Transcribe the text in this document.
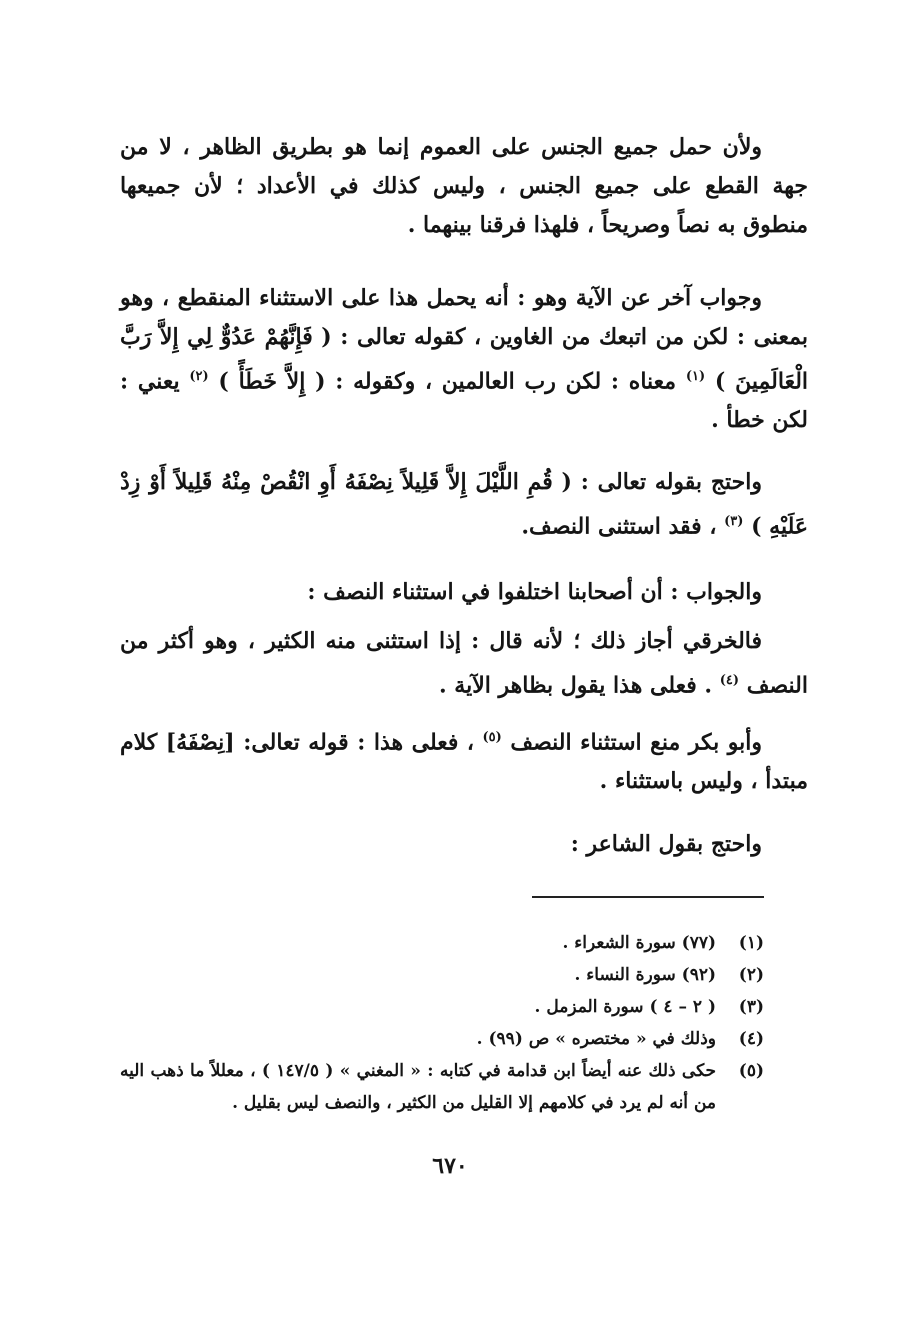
ولأن حمل جميع الجنس على العموم إنما هو بطريق الظاهر ، لا من جهة القطع على جميع الجنس ، وليس كذلك في الأعداد ؛ لأن جميعها منطوق به نصاً وصريحاً ، فلهذا فرقنا بينهما .
وجواب آخر عن الآية وهو : أنه يحمل هذا على الاستثناء المنقطع ، وهو بمعنى : لكن من اتبعك من الغاوين ، كقوله تعالى : ( فَإِنَّهُمْ عَدُوٌّ لِي إِلاَّ رَبَّ الْعَالَمِينَ ) $^{(١)}$ معناه : لكن رب العالمين ، وكقوله : ( إِلاَّ خَطَأً ) $^{(٢)}$ يعني : لكن خطأ .
واحتج بقوله تعالى : ( قُمِ اللَّيْلَ إِلاَّ قَلِيلاً نِصْفَهُ أَوِ انْقُصْ مِنْهُ قَلِيلاً أَوْ زِدْ عَلَيْهِ ) $^{(٣)}$ ، فقد استثنى النصف.
والجواب : أن أصحابنا اختلفوا في استثناء النصف :
فالخرقي أجاز ذلك ؛ لأنه قال : إذا استثنى منه الكثير ، وهو أكثر من النصف $^{(٤)}$ . فعلى هذا يقول بظاهر الآية .
وأبو بكر منع استثناء النصف $^{(٥)}$ ، فعلى هذا : قوله تعالى: [نِصْفَهُ] كلام مبتدأ ، وليس باستثناء .
واحتج بقول الشاعر :
(١)
(٧٧) سورة الشعراء .
(٢)
(٩٢) سورة النساء .
(٣)
( ٢ – ٤ ) سورة المزمل .
(٤)
وذلك في « مختصره » ص (٩٩) .
(٥)
حكى ذلك عنه أيضاً ابن قدامة في كتابه : « المغني » ( ١٤٧/٥ ) ، معللاً ما ذهب اليه من أنه لم يرد في كلامهم إلا القليل من الكثير ، والنصف ليس بقليل .
٦٧٠
